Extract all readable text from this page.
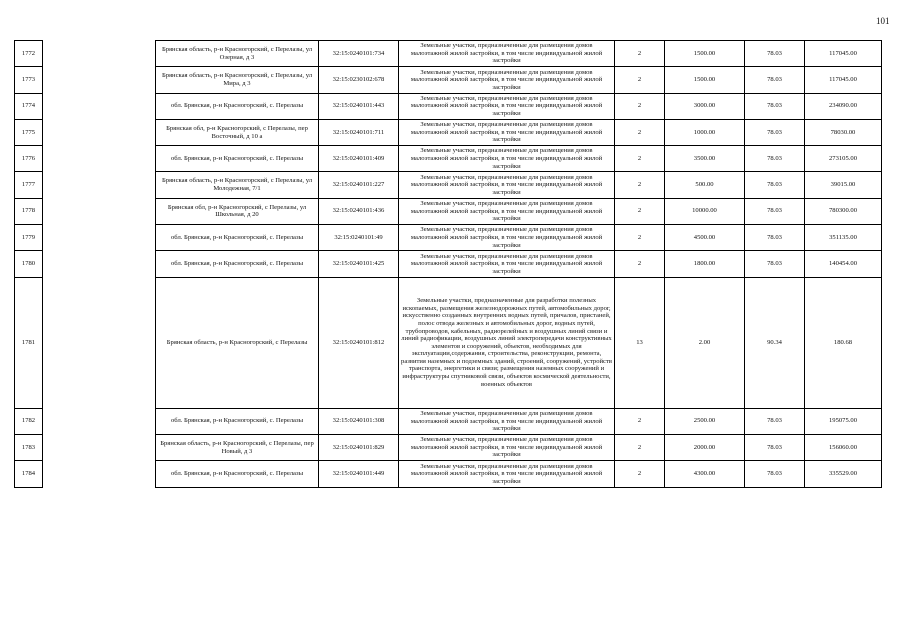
101
1772		Брянская область, р-н Красногорский, с Перелазы, ул Озерная, д 3	32:15:0240101:734	Земельные участки, предназначенные для размещения домов малоэтажной жилой застройки, в том числе индивидуальной жилой застройки	2	1500.00	78.03	117045.00
1773		Брянская область, р-н Красногорский, с Перелазы, ул Мира, д 3	32:15:0230102:678	Земельные участки, предназначенные для размещения домов малоэтажной жилой застройки, в том числе индивидуальной жилой застройки	2	1500.00	78.03	117045.00
1774		обл. Брянская, р-н Красногорский, с. Перелазы	32:15:0240101:443	Земельные участки, предназначенные для размещения домов малоэтажной жилой застройки, в том числе индивидуальной жилой застройки	2	3000.00	78.03	234090.00
1775		Брянская обл, р-н Красногорский, с Перелазы, пер Восточный, д 10 а	32:15:0240101:711	Земельные участки, предназначенные для размещения домов малоэтажной жилой застройки, в том числе индивидуальной жилой застройки	2	1000.00	78.03	78030.00
1776		обл. Брянская, р-н Красногорский, с. Перелазы	32:15:0240101:409	Земельные участки, предназначенные для размещения домов малоэтажной жилой застройки, в том числе индивидуальной жилой застройки	2	3500.00	78.03	273105.00
1777		Брянская область, р-н Красногорский, с Перелазы, ул Молодежная, 7/1	32:15:0240101:227	Земельные участки, предназначенные для размещения домов малоэтажной жилой застройки, в том числе индивидуальной жилой застройки	2	500.00	78.03	39015.00
1778		Брянская обл, р-н Красногорский, с Перелазы, ул Школьная, д 20	32:15:0240101:436	Земельные участки, предназначенные для размещения домов малоэтажной жилой застройки, в том числе индивидуальной жилой застройки	2	10000.00	78.03	780300.00
1779		обл. Брянская, р-н Красногорский, с. Перелазы	32:15:0240101:49	Земельные участки, предназначенные для размещения домов малоэтажной жилой застройки, в том числе индивидуальной жилой застройки	2	4500.00	78.03	351135.00
1780		обл. Брянская, р-н Красногорский, с. Перелазы	32:15:0240101:425	Земельные участки, предназначенные для размещения домов малоэтажной жилой застройки, в том числе индивидуальной жилой застройки	2	1800.00	78.03	140454.00
1781		Брянская область, р-н Красногорский, с Перелазы	32:15:0240101:812	Земельные участки, предназначенные для разработки полезных ископаемых, размещения железнодорожных путей, автомобильных дорог, искусственно созданных внутренних водных путей, причалов, пристаней, полос отвода железных и автомобильных дорог, водных путей, трубопроводов, кабельных, радиорелейных и воздушных линий связи и линий радиофикации, воздушных линий электропередачи конструктивных элементов и сооружений, объектов, необходимых для эксплуатации,содержания, строительства, реконструкции, ремонта, развития наземных и подземных зданий, строений, сооружений, устройств транспорта, энергетики и связи; размещения наземных сооружений и инфраструктуры спутниковой связи, объектов космической деятельности, военных объектов	13	2.00	90.34	180.68
1782		обл. Брянская, р-н Красногорский, с. Перелазы	32:15:0240101:308	Земельные участки, предназначенные для размещения домов малоэтажной жилой застройки, в том числе индивидуальной жилой застройки	2	2500.00	78.03	195075.00
1783		Брянская область, р-н Красногорский, с Перелазы, пер Новый, д 3	32:15:0240101:829	Земельные участки, предназначенные для размещения домов малоэтажной жилой застройки, в том числе индивидуальной жилой застройки	2	2000.00	78.03	156060.00
1784		обл. Брянская, р-н Красногорский, с. Перелазы	32:15:0240101:449	Земельные участки, предназначенные для размещения домов малоэтажной жилой застройки, в том числе индивидуальной жилой застройки	2	4300.00	78.03	335529.00
